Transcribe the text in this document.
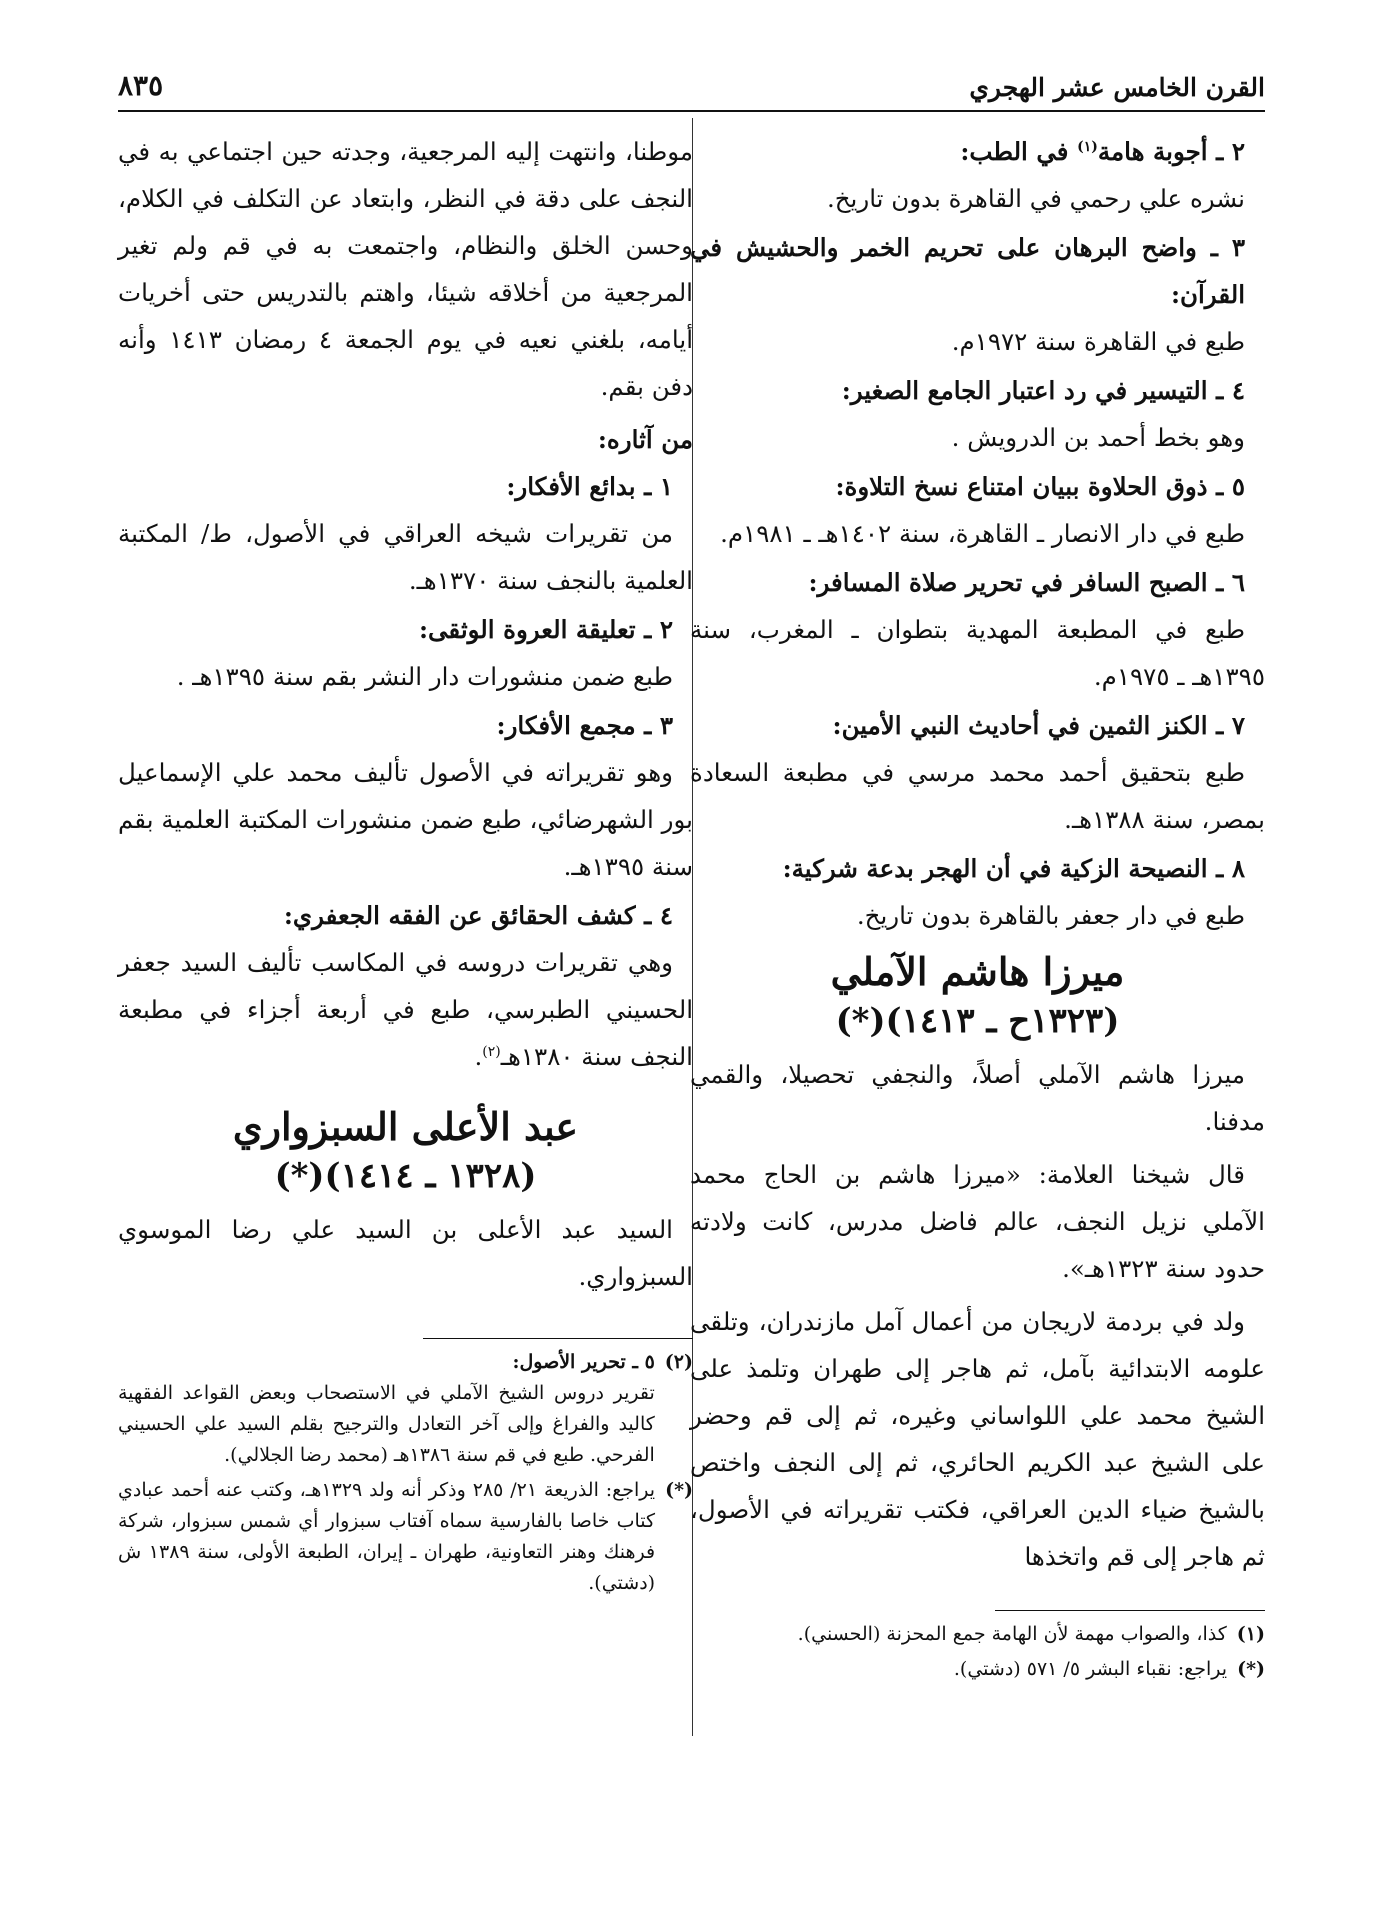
القرن الخامس عشر الهجري
٨٣٥

٢ ـ أجوبة هامة$^{(١)}$ في الطب:

نشره علي رحمي في القاهرة بدون تاريخ.

٣ ـ واضح البرهان على تحريم الخمر والحشيش في القرآن:

طبع في القاهرة سنة ١٩٧٢م.

٤ ـ التيسير في رد اعتبار الجامع الصغير:

وهو بخط أحمد بن الدرويش .

٥ ـ ذوق الحلاوة ببيان امتناع نسخ التلاوة:

طبع في دار الانصار ـ القاهرة، سنة ١٤٠٢هـ ـ ١٩٨١م.

٦ ـ الصبح السافر في تحرير صلاة المسافر:

طبع في المطبعة المهدية بتطوان ـ المغرب، سنة ١٣٩٥هـ ـ ١٩٧٥م.

٧ ـ الكنز الثمين في أحاديث النبي الأمين:

طبع بتحقيق أحمد محمد مرسي في مطبعة السعادة بمصر، سنة ١٣٨٨هـ.

٨ ـ النصيحة الزكية في أن الهجر بدعة شركية:

طبع في دار جعفر بالقاهرة بدون تاريخ.

ميرزا هاشم الآملي
(١٣٢٣ح ـ ١٤١٣)(*)

ميرزا هاشم الآملي أصلاً، والنجفي تحصيلا، والقمي مدفنا.

قال شيخنا العلامة: «ميرزا هاشم بن الحاج محمد الآملي نزيل النجف، عالم فاضل مدرس، كانت ولادته حدود سنة ١٣٢٣هـ».

ولد في بردمة لاريجان من أعمال آمل مازندران، وتلقى علومه الابتدائية بآمل، ثم هاجر إلى طهران وتلمذ على الشيخ محمد علي اللواساني وغيره، ثم إلى قم وحضر على الشيخ عبد الكريم الحائري، ثم إلى النجف واختص بالشيخ ضياء الدين العراقي، فكتب تقريراته في الأصول، ثم هاجر إلى قم واتخذها

(١)
كذا، والصواب مهمة لأن الهامة جمع المحزنة (الحسني).
(*)
يراجع: نقباء البشر ٥/ ٥٧١ (دشتي).

موطنا، وانتهت إليه المرجعية، وجدته حين اجتماعي به في النجف على دقة في النظر، وابتعاد عن التكلف في الكلام، وحسن الخلق والنظام، واجتمعت به في قم ولم تغير المرجعية من أخلاقه شيئا، واهتم بالتدريس حتى أخريات أيامه، بلغني نعيه في يوم الجمعة ٤ رمضان ١٤١٣ وأنه دفن بقم.

من آثاره:

١ ـ بدائع الأفكار:

من تقريرات شيخه العراقي في الأصول، ط/ المكتبة العلمية بالنجف سنة ١٣٧٠هـ.

٢ ـ تعليقة العروة الوثقى:

طبع ضمن منشورات دار النشر بقم سنة ١٣٩٥هـ .

٣ ـ مجمع الأفكار:

وهو تقريراته في الأصول تأليف محمد علي الإسماعيل بور الشهرضائي، طبع ضمن منشورات المكتبة العلمية بقم سنة ١٣٩٥هـ.

٤ ـ كشف الحقائق عن الفقه الجعفري:

وهي تقريرات دروسه في المكاسب تأليف السيد جعفر الحسيني الطبرسي، طبع في أربعة أجزاء في مطبعة النجف سنة ١٣٨٠هـ$^{(٢)}$.

عبد الأعلى السبزواري
(١٣٢٨ ـ ١٤١٤)(*)

السيد عبد الأعلى بن السيد علي رضا الموسوي السبزواري.

(٢)
٥ ـ تحرير الأصول:
تقرير دروس الشيخ الآملي في الاستصحاب وبعض القواعد الفقهية كاليد والفراغ وإلى آخر التعادل والترجيح بقلم السيد علي الحسيني الفرحي. طبع في قم سنة ١٣٨٦هـ (محمد رضا الجلالي).
(*)
يراجع: الذريعة ٢١/ ٢٨٥ وذكر أنه ولد ١٣٢٩هـ، وكتب عنه أحمد عبادي كتاب خاصا بالفارسية سماه آفتاب سبزوار أي شمس سبزوار، شركة فرهنك وهنر التعاونية، طهران ـ إيران، الطبعة الأولى، سنة ١٣٨٩ ش (دشتي).
